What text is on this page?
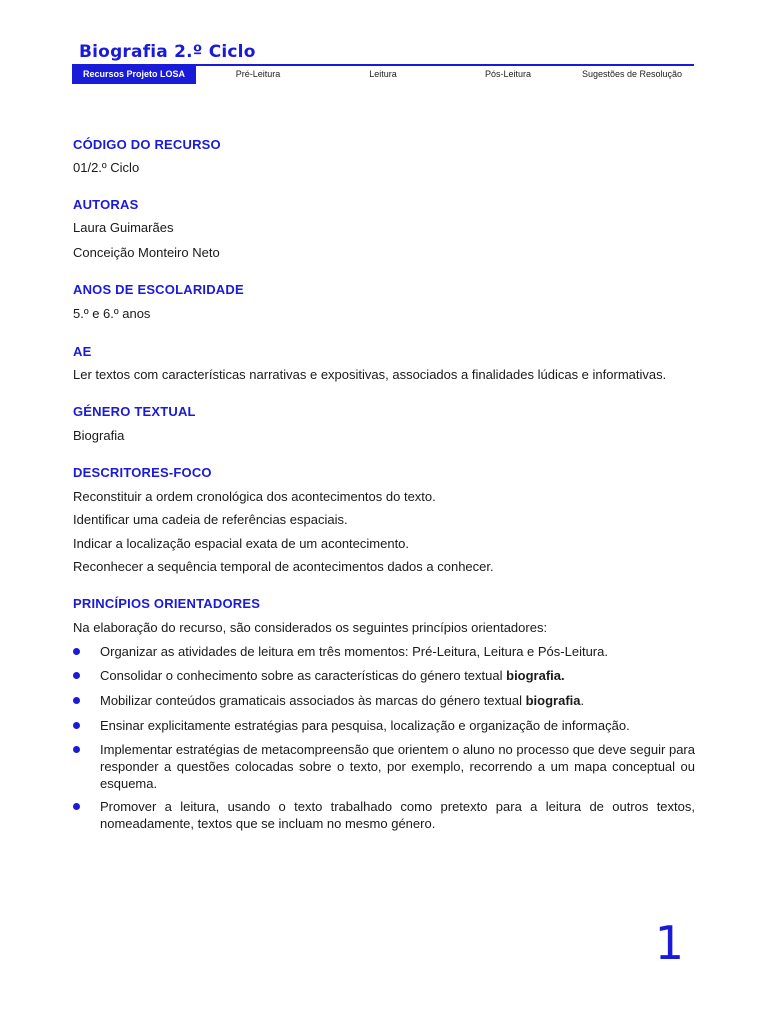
Biografia 2.º Ciclo
Recursos Projeto LOSA	Pré-Leitura	Leitura	Pós-Leitura	Sugestões de Resolução
CÓDIGO DO RECURSO
01/2.º Ciclo
AUTORAS
Laura Guimarães
Conceição Monteiro Neto
ANOS DE ESCOLARIDADE
5.º e 6.º anos
AE
Ler textos com características narrativas e expositivas, associados a finalidades lúdicas e informativas.
GÉNERO TEXTUAL
Biografia
DESCRITORES-FOCO
Reconstituir a ordem cronológica dos acontecimentos do texto.
Identificar uma cadeia de referências espaciais.
Indicar a localização espacial exata de um acontecimento.
Reconhecer a sequência temporal de acontecimentos dados a conhecer.
PRINCÍPIOS ORIENTADORES
Na elaboração do recurso, são considerados os seguintes princípios orientadores:
Organizar as atividades de leitura em três momentos: Pré-Leitura, Leitura e Pós-Leitura.
Consolidar o conhecimento sobre as características do género textual biografia.
Mobilizar conteúdos gramaticais associados às marcas do género textual biografia.
Ensinar explicitamente estratégias para pesquisa, localização e organização de informação.
Implementar estratégias de metacompreensão que orientem o aluno no processo que deve seguir para responder a questões colocadas sobre o texto, por exemplo, recorrendo a um mapa conceptual ou esquema.
Promover a leitura, usando o texto trabalhado como pretexto para a leitura de outros textos, nomeadamente, textos que se incluam no mesmo género.
1
